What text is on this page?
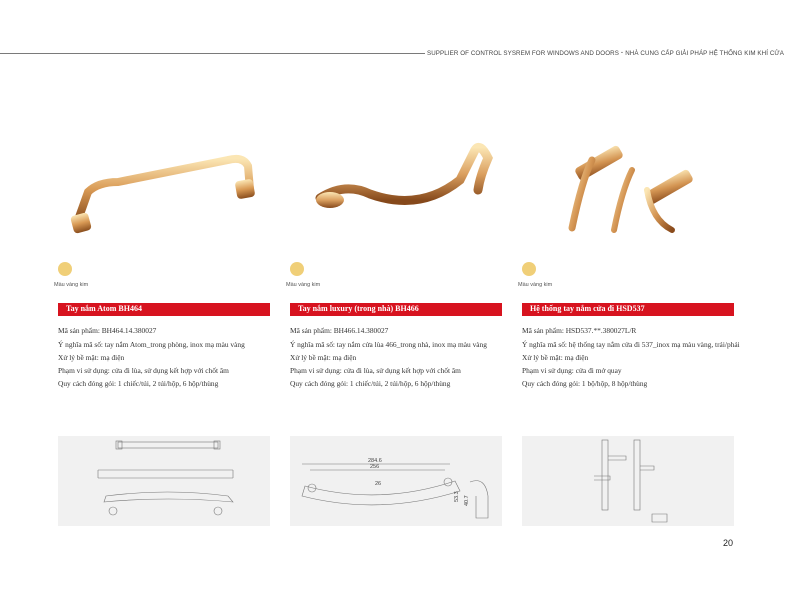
SUPPLIER OF CONTROL SYSREM FOR WINDOWS AND DOORS・NHÀ CUNG CẤP GIẢI PHÁP HỆ THỐNG KIM KHÍ CỬA
Màu vàng kim
Tay nắm Atom BH464
Mã sản phẩm: BH464.14.380027
Ý nghĩa mã số: tay nắm Atom_trong phòng, inox mạ màu vàng
Xử lý bề mặt: mạ điện
Phạm vi sử dụng: cửa đi lùa, sử dụng kết hợp với chốt âm
Quy cách đóng gói: 1 chiếc/túi, 2 túi/hộp, 6 hộp/thùng
Màu vàng kim
Tay nắm luxury (trong nhà) BH466
Mã sản phẩm: BH466.14.380027
Ý nghĩa mã số: tay nắm cửa lùa 466_trong nhà, inox mạ màu vàng
Xử lý bề mặt: mạ điện
Phạm vi sử dụng: cửa đi lùa, sử dụng kết hợp với chốt âm
Quy cách đóng gói: 1 chiếc/túi, 2 túi/hộp, 6 hộp/thùng
284.6
256
26
53.3 40.7
Màu vàng kim
Hệ thống tay nắm cửa đi HSD537
Mã sản phẩm: HSD537.**.380027L/R
Ý nghĩa mã số: hệ thống tay nắm cửa đi 537_inox mạ màu vàng, trái/phải
Xử lý bề mặt: mạ điện
Phạm vi sử dụng: cửa đi mở quay
Quy cách đóng gói: 1 bộ/hộp, 8 hộp/thùng
20
